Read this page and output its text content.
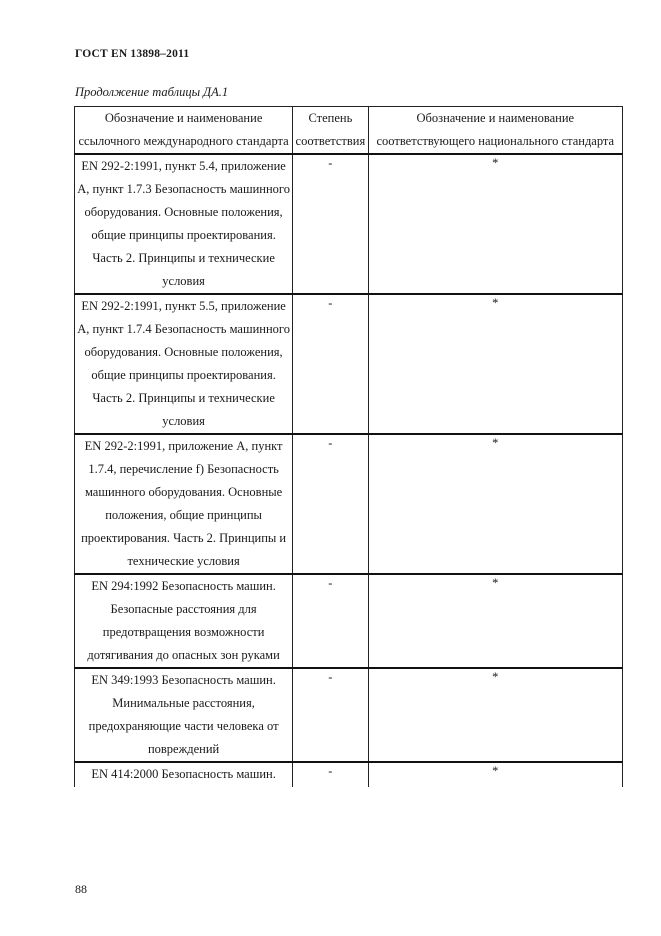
ГОСТ EN 13898–2011
Продолжение таблицы ДА.1
Обозначение и наименование ссылочного международного стандарта	Степень соответствия	Обозначение и наименование соответствующего национального стандарта
EN 292-2:1991, пункт 5.4, приложение А, пункт 1.7.3 Безопасность машинного оборудования. Основные положения, общие принципы проектирования. Часть 2. Принципы и технические условия	-	*
EN 292-2:1991, пункт 5.5, приложение А, пункт 1.7.4 Безопасность машинного оборудования. Основные положения, общие принципы проектирования. Часть 2. Принципы и технические условия	-	*
EN 292-2:1991, приложение А, пункт 1.7.4, перечисление f) Безопасность машинного оборудования. Основные положения, общие принципы проектирования. Часть 2. Принципы и технические условия	-	*
EN 294:1992 Безопасность машин. Безопасные расстояния для предотвращения возможности дотягивания до опасных зон руками	-	*
EN 349:1993 Безопасность машин. Минимальные расстояния, предохраняющие части человека от повреждений	-	*
EN 414:2000 Безопасность машин.	-	*
88
